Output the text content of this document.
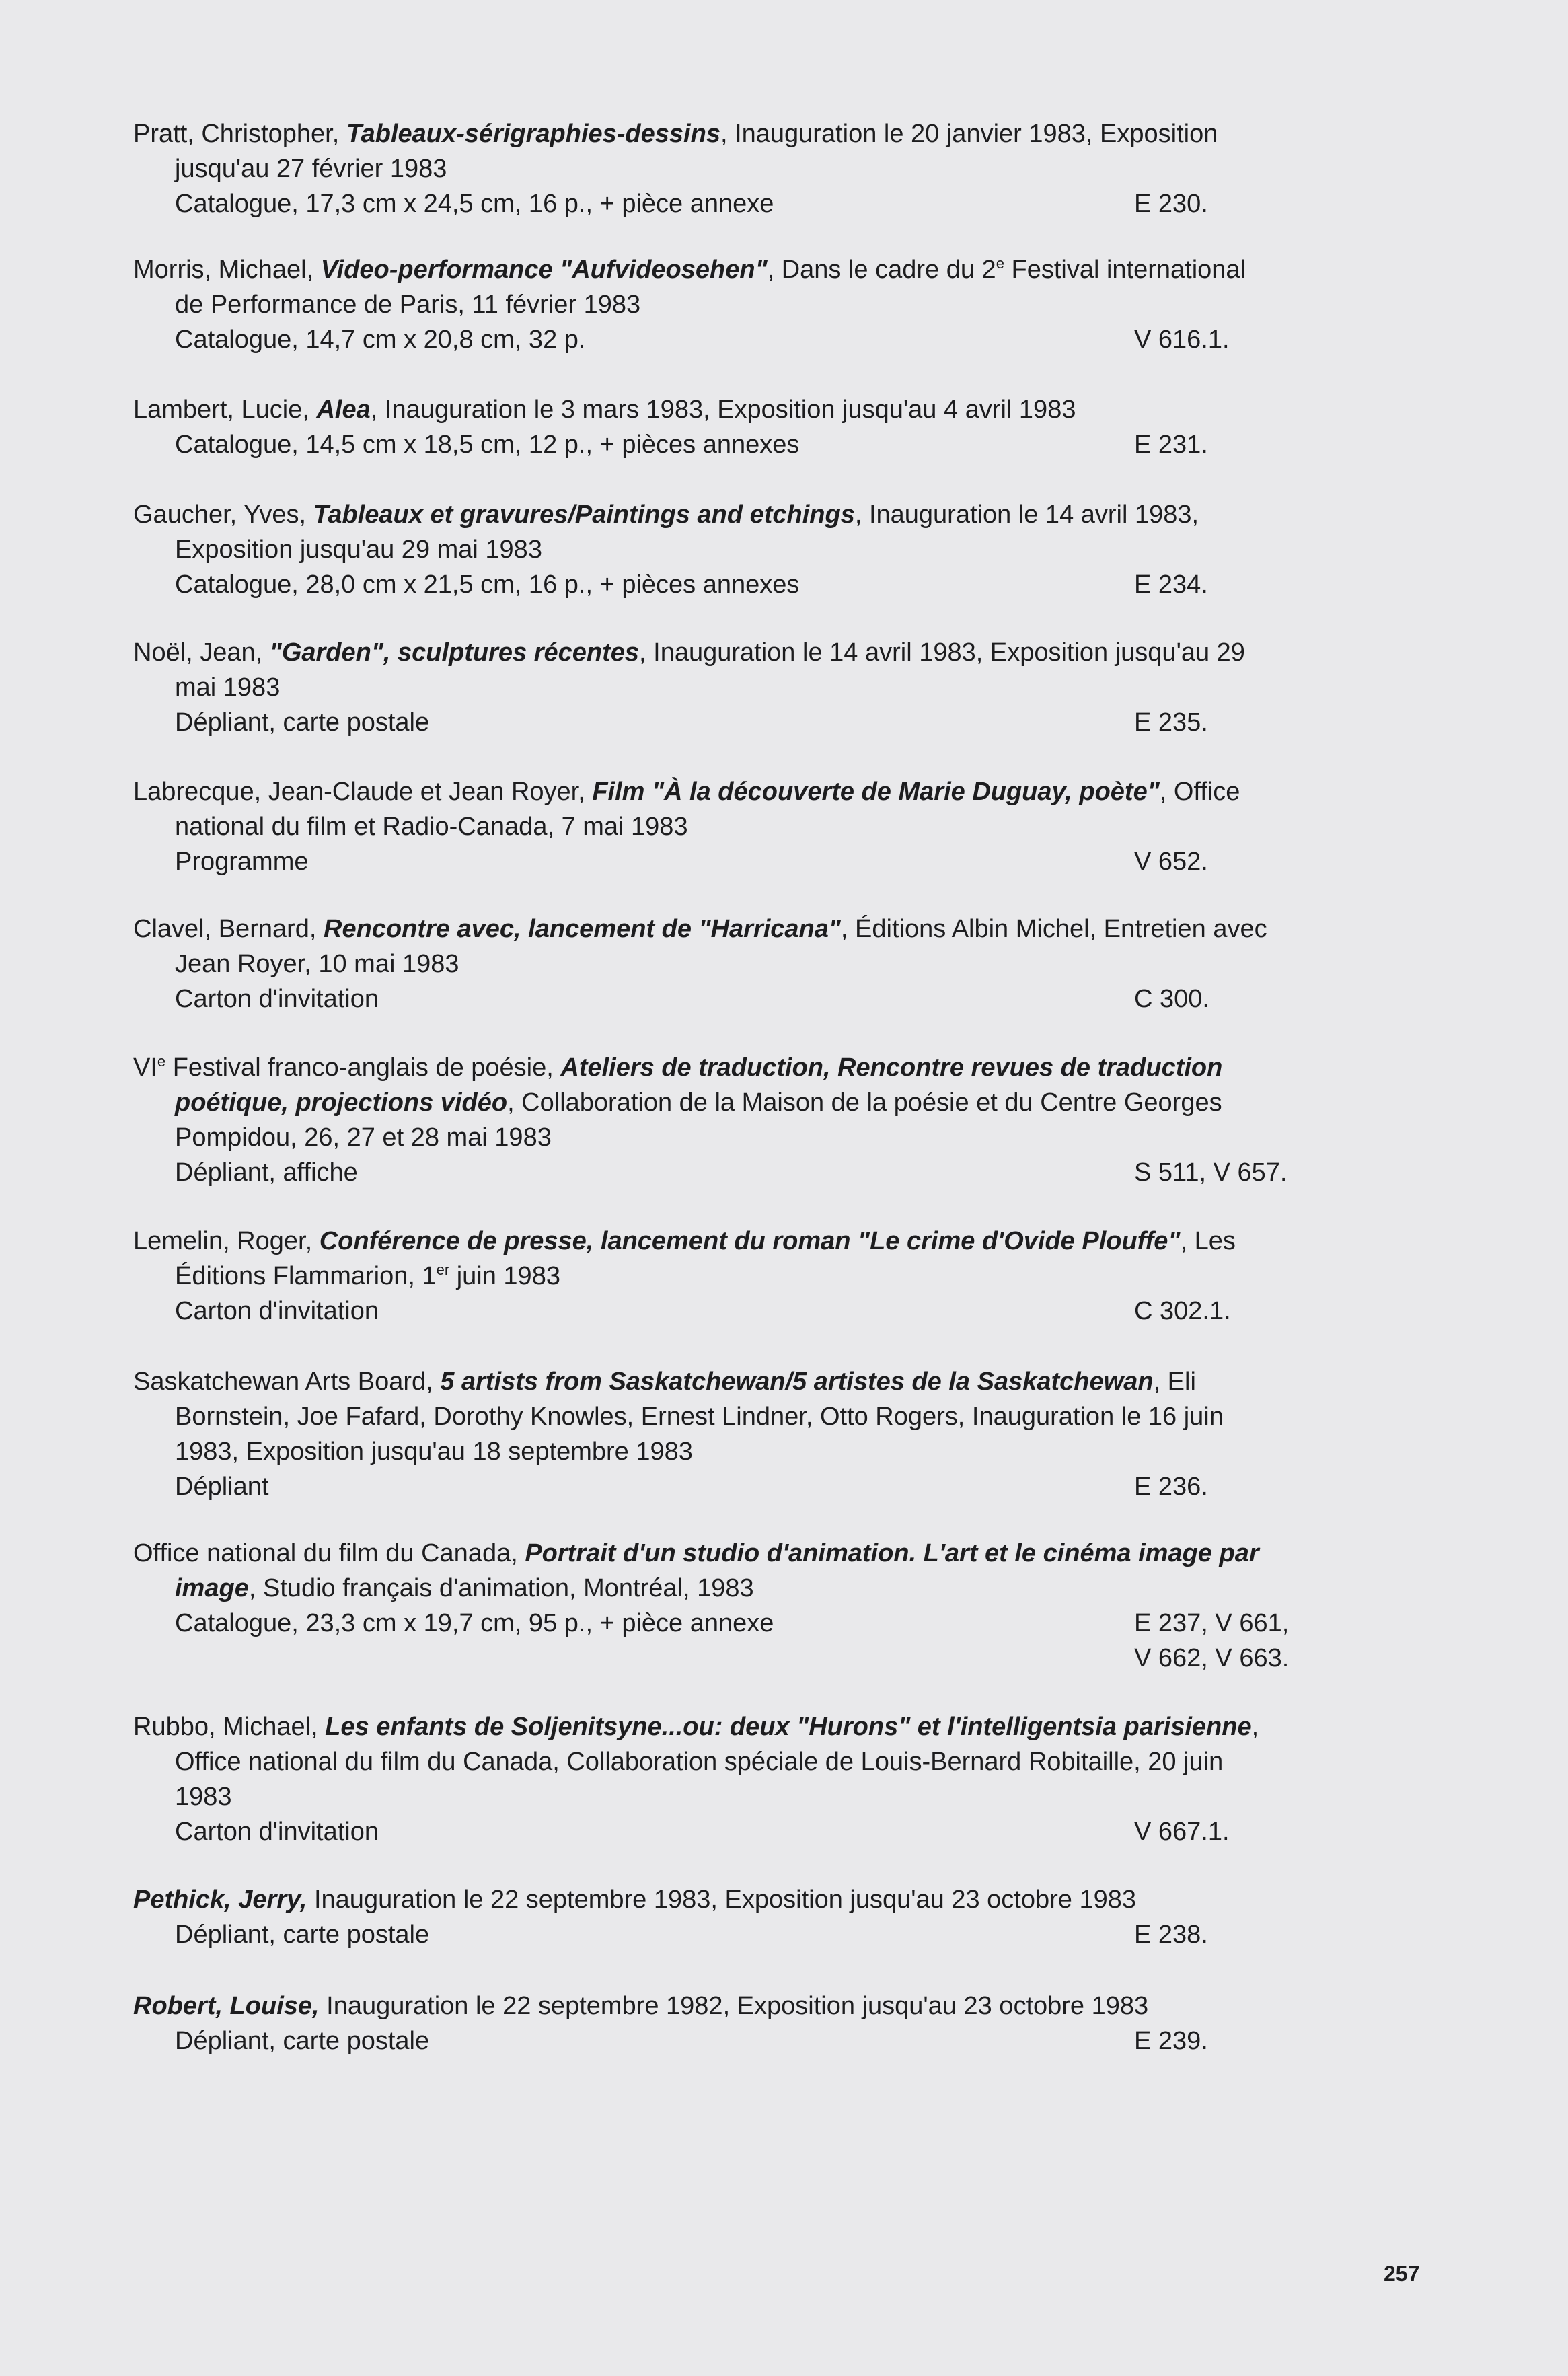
Pratt, Christopher, Tableaux-sérigraphies-dessins, Inauguration le 20 janvier 1983, Exposition
jusqu'au 27 février 1983
Catalogue, 17,3 cm x 24,5 cm, 16 p., + pièce annexe	E 230.
Morris, Michael, Video-performance "Aufvideosehen", Dans le cadre du 2e Festival international
de Performance de Paris, 11 février 1983
Catalogue, 14,7 cm x 20,8 cm, 32 p.	V 616.1.
Lambert, Lucie, Alea, Inauguration le 3 mars 1983, Exposition jusqu'au 4 avril 1983
Catalogue, 14,5 cm x 18,5 cm, 12 p., + pièces annexes	E 231.
Gaucher, Yves, Tableaux et gravures/Paintings and etchings, Inauguration le 14 avril 1983,
Exposition jusqu'au 29 mai 1983
Catalogue, 28,0 cm x 21,5 cm, 16 p., + pièces annexes	E 234.
Noël, Jean, "Garden", sculptures récentes, Inauguration le 14 avril 1983, Exposition jusqu'au 29
mai 1983
Dépliant, carte postale	E 235.
Labrecque, Jean-Claude et Jean Royer, Film "À la découverte de Marie Duguay, poète", Office
national du film et Radio-Canada, 7 mai 1983
Programme	V 652.
Clavel, Bernard, Rencontre avec, lancement de "Harricana", Éditions Albin Michel, Entretien avec
Jean Royer, 10 mai 1983
Carton d'invitation	C 300.
VIe Festival franco-anglais de poésie, Ateliers de traduction, Rencontre revues de traduction
poétique, projections vidéo, Collaboration de la Maison de la poésie et du Centre Georges
Pompidou, 26, 27 et 28 mai 1983
Dépliant, affiche	S 511, V 657.
Lemelin, Roger, Conférence de presse, lancement du roman "Le crime d'Ovide Plouffe", Les
Éditions Flammarion, 1er juin 1983
Carton d'invitation	C 302.1.
Saskatchewan Arts Board, 5 artists from Saskatchewan/5 artistes de la Saskatchewan, Eli
Bornstein, Joe Fafard, Dorothy Knowles, Ernest Lindner, Otto Rogers, Inauguration le 16 juin
1983, Exposition jusqu'au 18 septembre 1983
Dépliant	E 236.
Office national du film du Canada, Portrait d'un studio d'animation. L'art et le cinéma image par
image, Studio français d'animation, Montréal, 1983
Catalogue, 23,3 cm x 19,7 cm, 95 p., + pièce annexe	E 237, V 661,
V 662, V 663.
Rubbo, Michael, Les enfants de Soljenitsyne...ou: deux "Hurons" et l'intelligentsia parisienne,
Office national du film du Canada, Collaboration spéciale de Louis-Bernard Robitaille, 20 juin
1983
Carton d'invitation	V 667.1.
Pethick, Jerry, Inauguration le 22 septembre 1983, Exposition jusqu'au 23 octobre 1983
Dépliant, carte postale	E 238.
Robert, Louise, Inauguration le 22 septembre 1982, Exposition jusqu'au 23 octobre 1983
Dépliant, carte postale	E 239.
257
